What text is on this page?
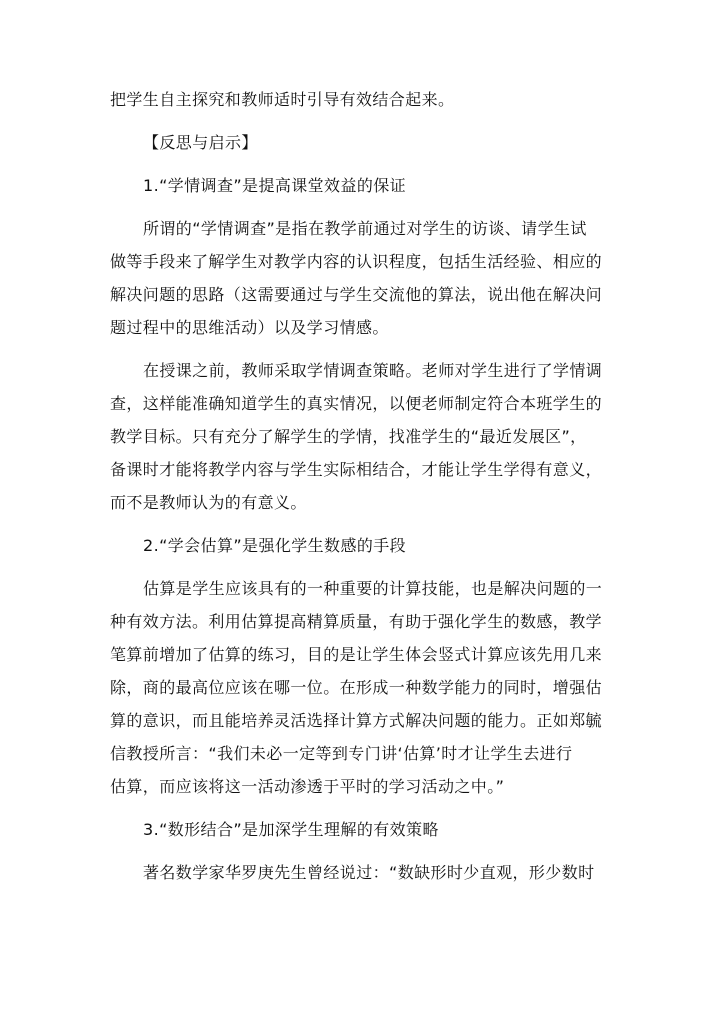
把学生自主探究和教师适时引导有效结合起来。
【反思与启示】
1.“学情调查”是提高课堂效益的保证
所谓的“学情调查”是指在教学前通过对学生的访谈、请学生试
做等手段来了解学生对教学内容的认识程度，包括生活经验、相应的
解决问题的思路（这需要通过与学生交流他的算法，说出他在解决问
题过程中的思维活动）以及学习情感。
在授课之前，教师采取学情调查策略。老师对学生进行了学情调
查，这样能准确知道学生的真实情况，以便老师制定符合本班学生的
教学目标。只有充分了解学生的学情，找准学生的“最近发展区”，
备课时才能将教学内容与学生实际相结合，才能让学生学得有意义，
而不是教师认为的有意义。
2.“学会估算”是强化学生数感的手段
估算是学生应该具有的一种重要的计算技能，也是解决问题的一
种有效方法。利用估算提高精算质量，有助于强化学生的数感，教学
笔算前增加了估算的练习，目的是让学生体会竖式计算应该先用几来
除，商的最高位应该在哪一位。在形成一种数学能力的同时，增强估
算的意识，而且能培养灵活选择计算方式解决问题的能力。正如郑毓
信教授所言：“我们未必一定等到专门讲‘估算’时才让学生去进行
估算，而应该将这一活动渗透于平时的学习活动之中。”
3.“数形结合”是加深学生理解的有效策略
著名数学家华罗庚先生曾经说过：“数缺形时少直观，形少数时
